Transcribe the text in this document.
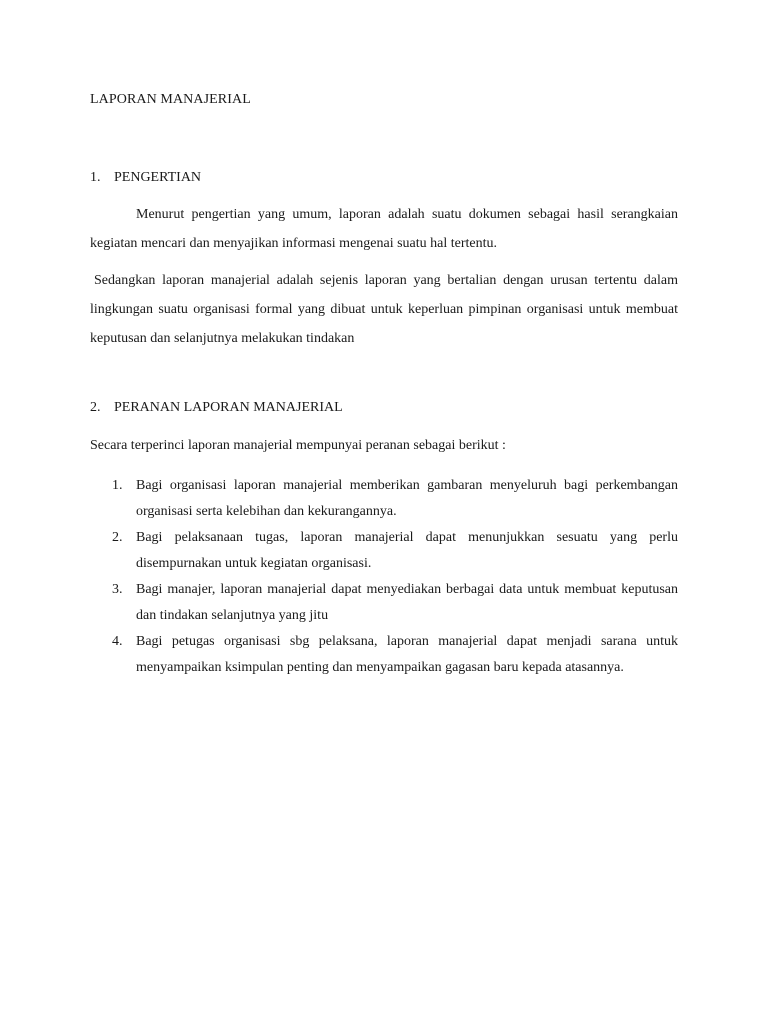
LAPORAN MANAJERIAL
1. PENGERTIAN

Menurut pengertian yang umum, laporan adalah suatu dokumen sebagai hasil serangkaian kegiatan mencari dan menyajikan informasi mengenai suatu hal tertentu.

Sedangkan laporan manajerial adalah sejenis laporan yang bertalian dengan urusan tertentu dalam lingkungan suatu organisasi formal yang dibuat untuk keperluan pimpinan organisasi untuk membuat keputusan dan selanjutnya melakukan tindakan

2. PERANAN LAPORAN MANAJERIAL

Secara terperinci laporan manajerial mempunyai peranan sebagai berikut :

1. Bagi organisasi laporan manajerial memberikan gambaran menyeluruh bagi perkembangan organisasi serta kelebihan dan kekurangannya.
2. Bagi pelaksanaan tugas, laporan manajerial dapat menunjukkan sesuatu yang perlu disempurnakan untuk kegiatan organisasi.
3. Bagi manajer, laporan manajerial dapat menyediakan berbagai data untuk membuat keputusan dan tindakan selanjutnya yang jitu
4. Bagi petugas organisasi sbg pelaksana, laporan manajerial dapat menjadi sarana untuk menyampaikan ksimpulan penting dan menyampaikan gagasan baru kepada atasannya.
